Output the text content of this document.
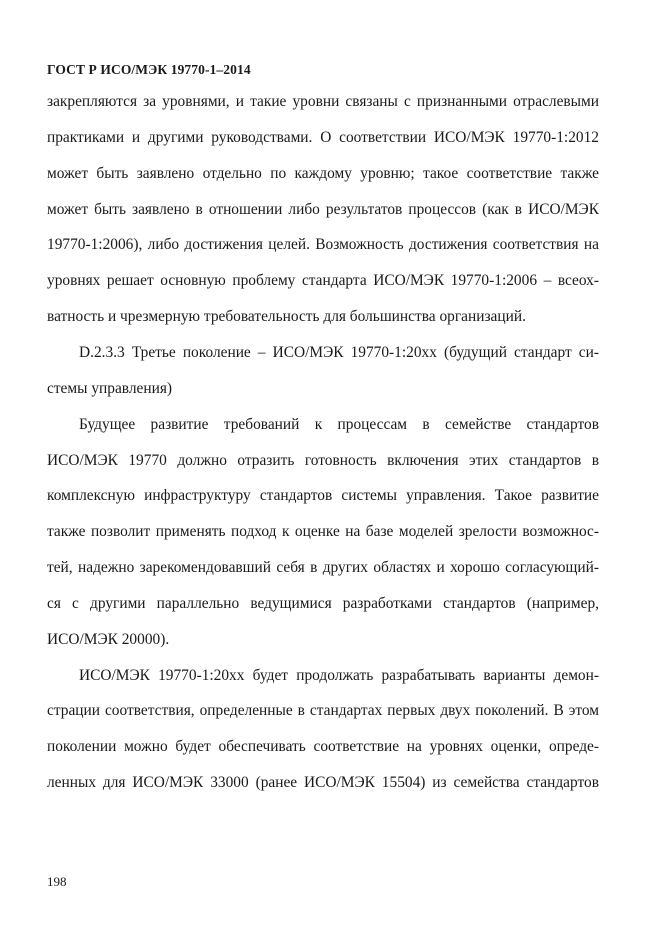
ГОСТ Р ИСО/МЭК 19770-1–2014
закрепляются за уровнями, и такие уровни связаны с признанными отраслевыми
практиками и другими руководствами. О соответствии ИСО/МЭК 19770-1:2012
может быть заявлено отдельно по каждому уровню; такое соответствие также
может быть заявлено в отношении либо результатов процессов (как в ИСО/МЭК
19770-1:2006), либо достижения целей. Возможность достижения соответствия на
уровнях решает основную проблему стандарта ИСО/МЭК 19770-1:2006 – всеох-
ватность и чрезмерную требовательность для большинства организаций.
D.2.3.3 Третье поколение – ИСО/МЭК 19770-1:20xx (будущий стандарт си-
стемы управления)
Будущее развитие требований к процессам в семействе стандартов
ИСО/МЭК 19770 должно отразить готовность включения этих стандартов в
комплексную инфраструктуру стандартов системы управления. Такое развитие
также позволит применять подход к оценке на базе моделей зрелости возможнос-
тей, надежно зарекомендовавший себя в других областях и хорошо согласующий-
ся с другими параллельно ведущимися разработками стандартов (например,
ИСО/МЭК 20000).
ИСО/МЭК 19770-1:20xx будет продолжать разрабатывать варианты демон-
страции соответствия, определенные в стандартах первых двух поколений. В этом
поколении можно будет обеспечивать соответствие на уровнях оценки, опреде-
ленных для ИСО/МЭК 33000 (ранее ИСО/МЭК 15504) из семейства стандартов
198
